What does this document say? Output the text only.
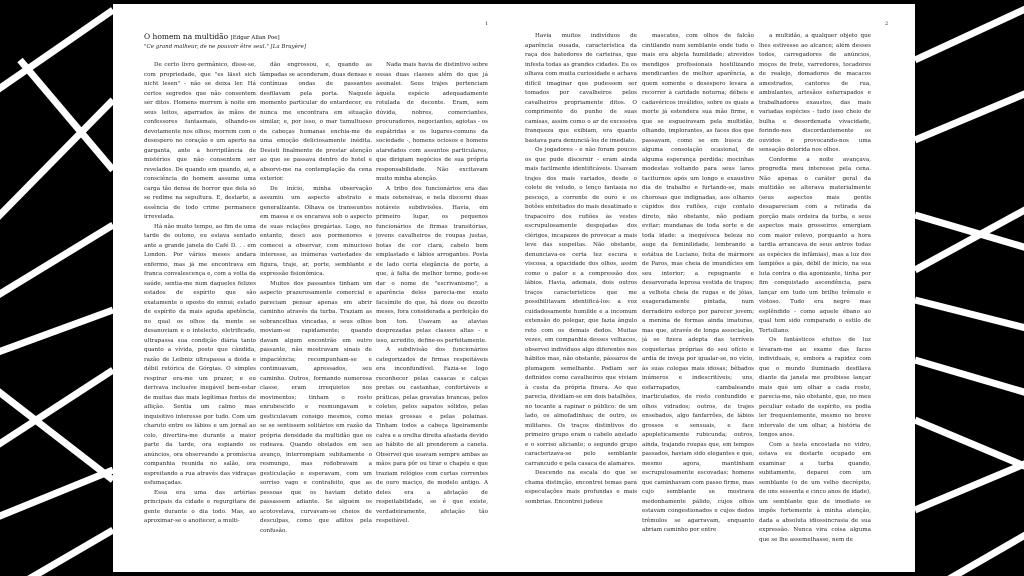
1
O homem na multidão [Edgar Allan Poe]
"Ce grand malheur, de ne pouvoir être seul." [La Bruyère]

De certo livro germânico, disse-se, com propriedade, que "es lässt sich nicht lesen" - não se deixa ler. Há certos segredos que não consentem ser ditos. Homens morrem à noite em seus leitos, agarrados às mãos de confessores fantasmais, olhando-os devotamente nos olhos; morrem com o desespero no coração e um aperto na garganta, ante a horripilância de mistérios que não consentem ser revelados. De quando em quando, ai, a consciência do homem assume uma carga tão densa de horror que dela só se redime na sepultura. E, destarte, a essência de todo crime permanece irrevelada.

Há não muito tempo, ao fim de uma tarde de outono, eu estava sentado ante a grande janela do Café D. . . em London. Por vários meses andara enfermo, mas já me encontrava em franca convalescença e, com a volta da saúde, sentia-me num daqueles felizes estados de espírito que são exatamente o oposto do ennui; estado de espírito da mais aguda apetência, no qual os olhos da mente se desanuviam e o intelecto, eletrificado, ultrapassa sua condição diária tanto quanto a vívida, posto que cândida, razão de Leibniz ultrapassa a doida e débil retórica de Górgias. O simples respirar era-me um prazer, e eu derivava inclusive inegável bem-estar de muitas das mais legítimas fontes de aflição. Sentia um calmo mas inquisitivo interesse por tudo. Com um charuto entre os lábios e um jornal ao colo, divertira-me durante a maior parte da tarde, ora espiando os anúncios, ora observando a promíscua companhia reunida no salão, ora espreitando a rua através das vidraças esfumaçadas.

Essa era uma das artérias principais da cidade e regurgitara de gente durante o dia todo. Mas, ao aproximar-se o anoitecer, a multi-

dão engrossou, e, quando as lâmpadas se acenderam, duas densas e contínuas ondas de passantes desfilavam pela porta. Naquele momento particular do entardecer, eu nunca me encontrara em situação similar, e, por isso, o mar tumultuoso de cabeças humanas enchia-me de uma emoção deliciosamente inédita. Desisti finalmente de prestar atenção ao que se passava dentro do hotel e absorvi-me na contemplação da cena exterior.

De início, minha observação assumiu um aspecto abstrato e generalizante. Olhava os transeuntes em massa e os encarava sob o aspecto de suas relações gregárias. Logo, no entanto, desci aos pormenores e comecei a observar, com minucioso interesse, as inúmeras variedades de figura, traje, ar, porte, semblante e expressão fisionômica.

Muitos dos passantes tinham um aspecto prazerosamente comercial e pareciam pensar apenas em abrir caminho através da turba. Traziam as sobrancelhas vincadas, e seus olhos moviam-se rapidamente; quando davam algum encontrão em outro passante, não mostravam sinais de impaciência; recompunham-se e continuavam, apressados, seu caminho. Outros, formando numerosa classe, eram irrequietos nos movimentos; tinham o rosto enrubescido e resmungavam e gesticulavam consigo mesmos, como se se sentissem solitários em razão da própria densidade da multidão que os rodeava. Quando obstados em seu avanço, interrompiam subitamente o resmungo, mas redobravam a gesticulação e esperavam, com um sorriso vago e contrafeito, que as pessoas que os haviam detido passassem adiante. Se alguém os acotovelava, curvavam-se cheios de desculpas, como que aflitos pela confusão.

Nada mais havia de distintivo sobre essas duas classes além do que já assinalei. Seus trajes pertenciam àquela espécie adequadamente rotulada de decente. Eram, sem dúvida, nobres, comerciantes, procuradores, negociantes, agiotas - os eupátridas e os lugares-comuns da sociedade -, homens ociosos e homens atarefados com assuntos particulares, que dirigiam negócios de sua própria responsabilidade. Não excitavam muito minha atenção.

A tribo dos funcionários era das mais ostensivas, e nela discerni duas notáveis subdivisões. Havia, em primeiro lugar, os pequenos funcionários de firmas transitórias, jovens cavalheiros de roupas justas, botas de cor clara, cabelo bem emplastado e lábios arrogantes. Posta de lado certa elegância de porte, a que, à falta de melhor termo, pode-se dar o nome de "escrivanismo", a aparência deles parecia-me exato facsímile do que, há doze ou dezoito meses, fora considerada a perfeição do bon ton. Usavam as atavias desprezadas pelas classes altas - e isso, acredito, define-os perfeitamente.

A subdivisão dos funcionários categorizados de firmas respeitáveis era inconfundível. Fazia-se logo reconhecer pelas casacas e calças pretas ou castanhas, confortáveis e práticas, pelas gravatas brancas, pelos coletes, pelos sapatos sólidos, pelas meias grossas e pelas polainas. Tinham todos a cabeça ligeiramente calva e a orelha direita afastada devido ao hábito de ali prenderem a caneta. Observei que usavam sempre ambas as mãos para pôr ou tirar o chapéu e que traziam relógios com curtas correntes de ouro maciço, de modelo antigo. A deles era a afetação de respeitabilidade, se é que existe, verdadeiramente, afetação tão respeitável.

2

Havia muitos indivíduos de aparência ousada, característica da raça dos batedores de carteiras, que infesta todas as grandes cidades. Eu os olhava com muita curiosidade e achava difícil imaginar que pudessem ser tomados por cavalheiros pelos cavalheiros propriamente ditos. O comprimento do punho de suas camisas, assim como o ar de excessiva franqueza que exibiam, era quanto bastava para denunciá-los de imediato.

Os jogadores - e não foram poucos os que pude discernir - eram ainda mais facilmente identificáveis. Usavam trajes dos mais variados, desde o colete de veludo, o lenço fantasia no pescoço, a corrente de ouro e os botões enfeitados do mais desatinado e trapaceiro dos rufiões às vestes escrupulosamente despojadas dos clérigos, incapazes de provocar a mais leve das suspeitas. Não obstante, denunciava-os certa tez escura e viscosa, a opacidade dos olhos, assim como o palor e a compressão dos lábios. Havia, ademais, dois outros traços característicos que me possibilitavam identificá-los: a voz cuidadosamente humilde e a incomum extensão do polegar, que fazia ângulo reto com os demais dedos. Muitas vezes, em companhia desses velhacos, observei indivíduos algo diferentes nos hábitos mas, não obstante, pássaros de plumagem semelhante. Podiam ser definidos como cavalheiros que viviam à custa da própria finura. Ao que parecia, dividiam-se em dois batalhões, no tocante a rapinar o público: de um lado, os almofadinhas; de outro, os militares. Os traços distintivos do primeiro grupo eram o cabelo anelado e o sorriso aliciante; o segundo grupo caracterizava-se pelo semblante carrancudo e pela casaca de alamares.

Descendo na escala do que se chama distinção, encontrei temas para especulações mais profundas e mais sombrias. Encontrei judeus

mascates, com olhos de falcão cintilando num semblante onde tudo o mais era abjeta humildade; atrevidos mendigos profissionais hostilizando mendicantes de melhor aparência, a quem somente o desespero levara a recorrer à caridade noturna; débeis e cadavéricos inválidos, sobre os quais a morte já estendera sua mão firme, e que se esgueiravam pela multidão, olhando, implorantes, as faces dos que passavam, como se em busca de alguma consolação ocasional, de alguma esperança perdida; mocinhas modestas voltando para seus lares taciturnos após um longo e exaustivo dia de trabalho e furtando-se, mais chorosas que indignadas, aos olhares cúpidos dos rufiões, cujo contato direto, não obstante, não podiam evitar; mundanas de toda sorte e de toda idade: a inequívoca beleza no auge da feminilidade, lembrando a estátua de Luciano, feita de mármore de Paros, mas cheia de imundícies em seu interior; a repugnante e desarvorada leprosa vestida de trapos; a velhota cheia de rugas e de jóias, exageradamente pintada, num derradeiro esforço por parecer jovem; a menina de formas ainda imaturas, mas que, através de longa associação, já se fizera adepta das terríveis coqueterias próprias do seu ofício e ardia de inveja por igualar-se, no vício, às suas colegas mais idosas; bêbados inúmeros e indescritíveis; uns, esfarrapados, cambaleando inarticulados, de rosto contundido e olhos vidrados; outros, de trajes ensebados, algo fanfarrões, de lábios grossos e sensuais, e face apopleticamente rubicunda; outros, ainda, trajando roupas que, em tempos passados, haviam sido elegantes e que, mesmo agora, mantinham escrupulosamente escovadas; homens que caminhavam com passo firme, mas cujo semblante se mostrava medonhamente pálido, cujos olhos estavam congestionados e cujos dedos trêmulos se agarravam, enquanto abriam caminho por entre

a multidão, a qualquer objeto que lhes estivesse ao alcance; além desses todos, carregadores de anúncios, moços de frete, varredores, tocadores de realejo, domadores de macacos amestrados, cantores de rua, ambulantes, artesãos esfarrapados e trabalhadores exaustos, das mais variadas espécies - tudo isso cheio de bulha e desordenada vivacidade, ferindo-nos discordantemente os ouvidos e provocando-nos uma sensação dolorida nos olhos.

Conforme a noite avançava, progredia meu interesse pela cena. Não apenas o caráter geral da multidão se alterava materialmente (seus aspectos mais gentis desapareciam com a retirada da porção mais ordeira da turba, e seus aspectos mais grosseiros emergiam com maior relevo, porquanto a hora tardia arrancava de seus antros todas as espécies de infâmias), mas a luz dos lampiões a gás, débil de início, na sua luta contra o dia agonizante, tinha por fim conquistado ascendência, para lançar em tudo um brilho trêmulo e vistoso. Tudo era negro mas esplêndido - como aquele ébano ao qual tem sido comparado o estilo de Tertuliano.

Os fantásticos efeitos de luz levaram-me ao exame das faces individuais, e, embora a rapidez com que o mundo iluminado desfilava diante da janela me proibisse lançar mais que um olhar a cada rosto, parecia-me, não obstante, que, no meu peculiar estado de espírito, eu podia ler frequentemente, mesmo no breve intervalo de um olhar, a história de longos anos.

Com a testa encostada no vidro, estava eu destarte ocupado em examinar a turba quando, subitamente, deparei com um semblante (o de um velho decrépito, de uns sessenta e cinco anos de idade), um semblante que de imediato se impôs fortemente à minha atenção, dada a absoluta idiossincrasia de sua expressão. Nunca vira coisa alguma que se lhe assemelhasse, nem de
